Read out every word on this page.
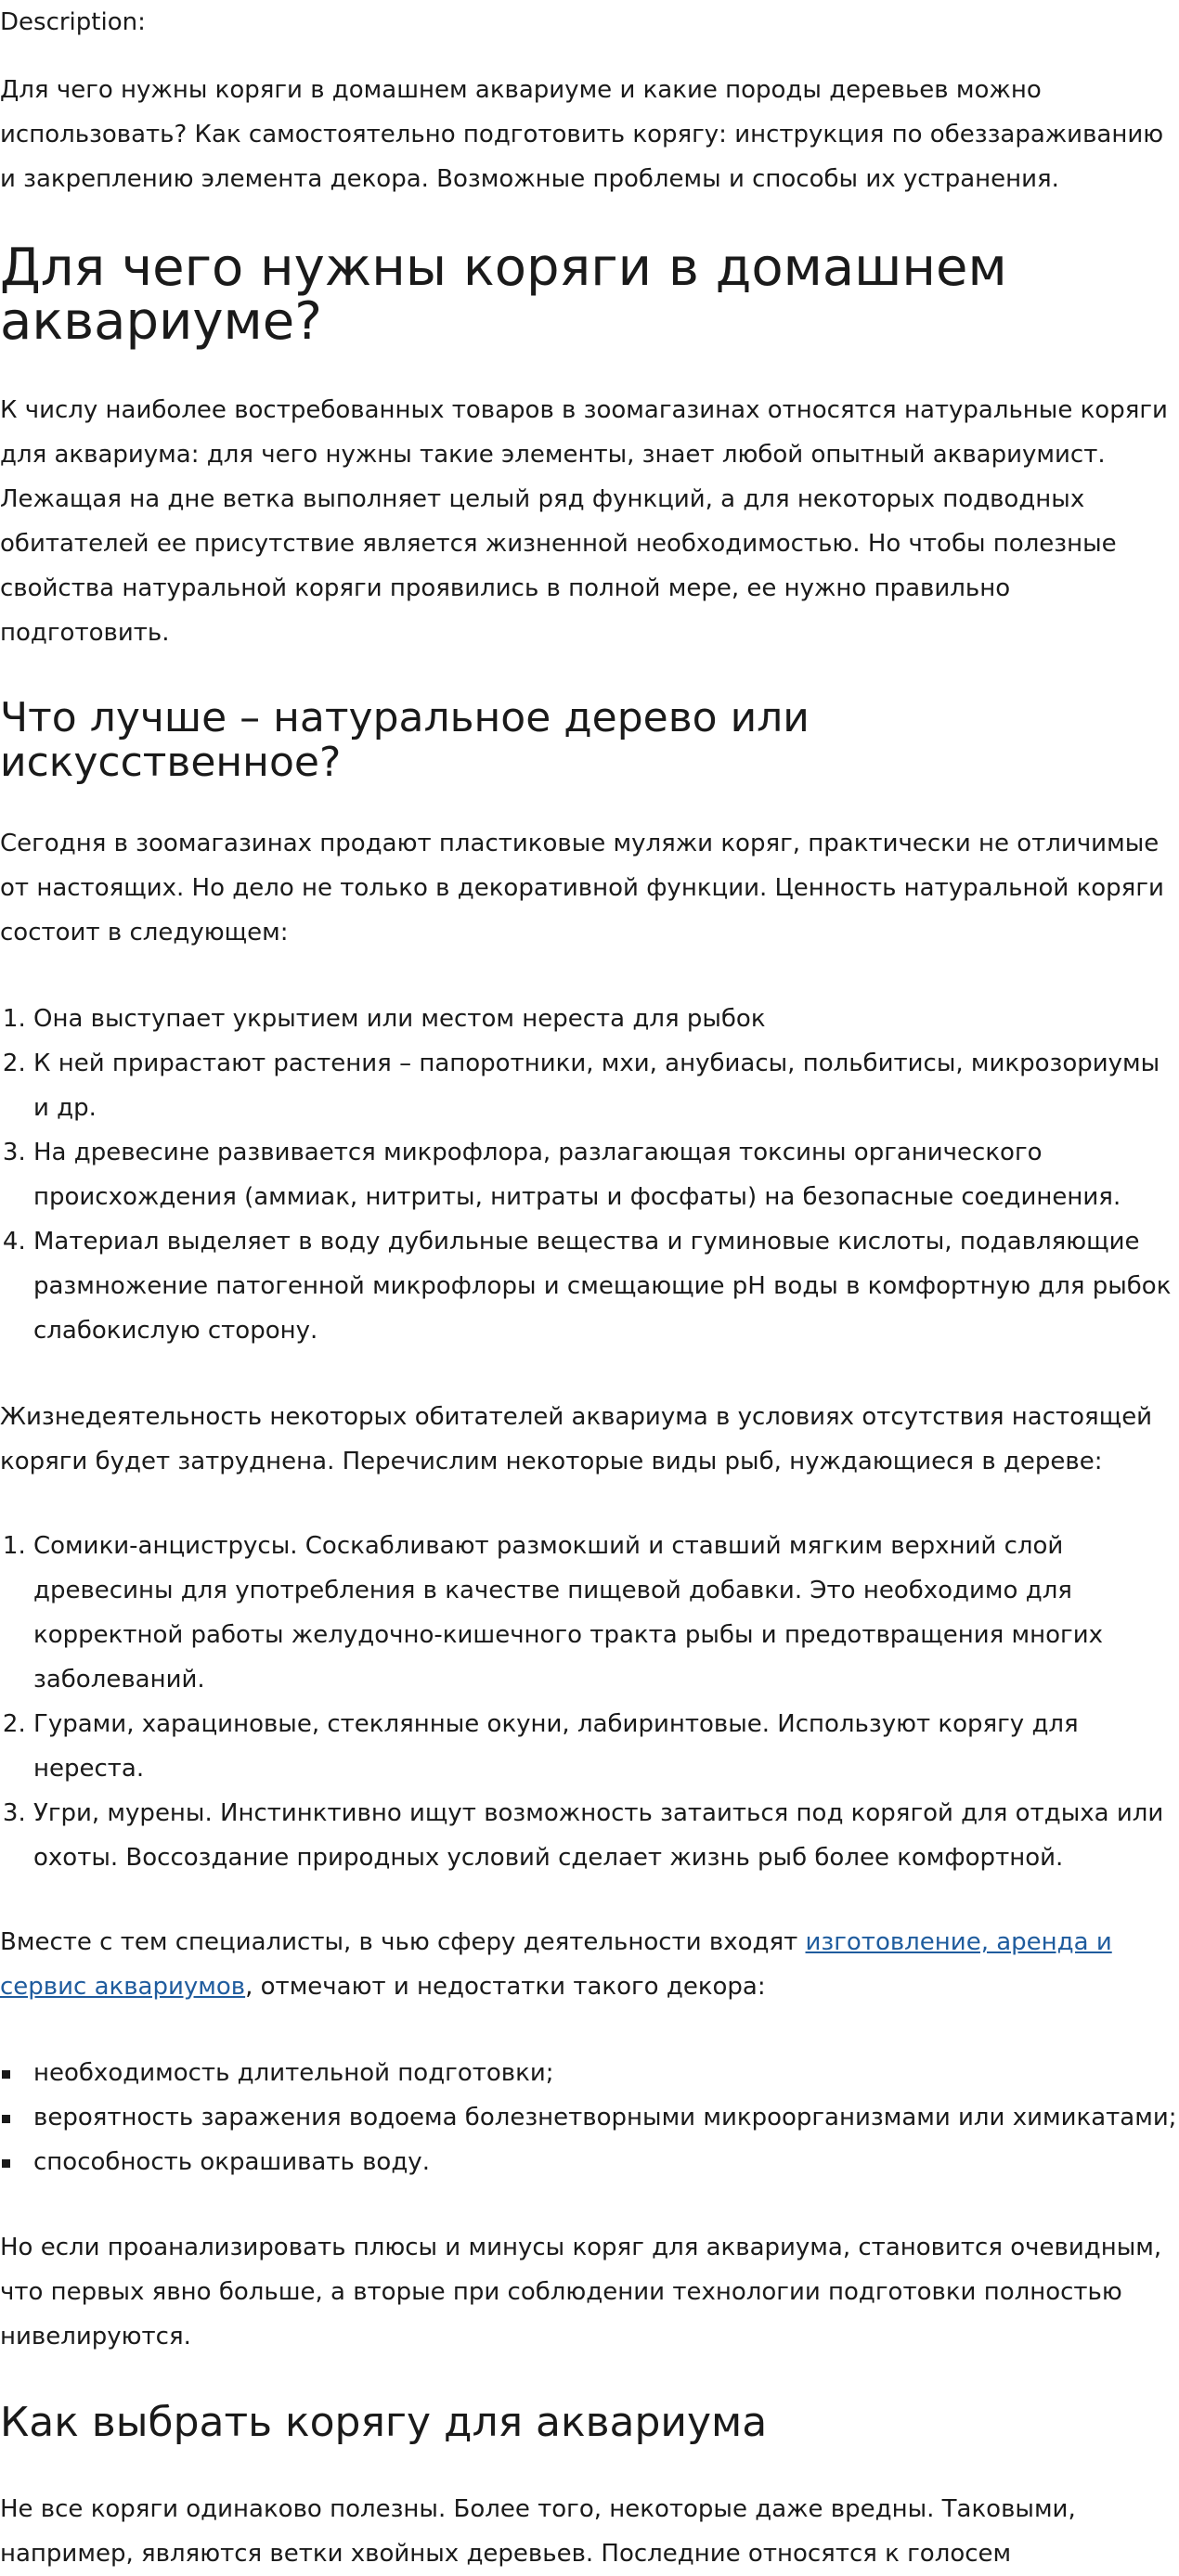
Description:

Для чего нужны коряги в домашнем аквариуме и какие породы деревьев можно использовать? Как самостоятельно подготовить корягу: инструкция по обеззараживанию и закреплению элемента декора. Возможные проблемы и способы их устранения.

Для чего нужны коряги в домашнем аквариуме?

К числу наиболее востребованных товаров в зоомагазинах относятся натуральные коряги для аквариума: для чего нужны такие элементы, знает любой опытный аквариумист. Лежащая на дне ветка выполняет целый ряд функций, а для некоторых подводных обитателей ее присутствие является жизненной необходимостью. Но чтобы полезные свойства натуральной коряги проявились в полной мере, ее нужно правильно подготовить.

Что лучше – натуральное дерево или искусственное?

Сегодня в зоомагазинах продают пластиковые муляжи коряг, практически не отличимые от настоящих. Но дело не только в декоративной функции. Ценность натуральной коряги состоит в следующем:

1. Она выступает укрытием или местом нереста для рыбок
2. К ней прирастают растения – папоротники, мхи, анубиасы, польбитисы, микрозориумы и др.
3. На древесине развивается микрофлора, разлагающая токсины органического происхождения (аммиак, нитриты, нитраты и фосфаты) на безопасные соединения.
4. Материал выделяет в воду дубильные вещества и гуминовые кислоты, подавляющие размножение патогенной микрофлоры и смещающие pH воды в комфортную для рыбок слабокислую сторону.

Жизнедеятельность некоторых обитателей аквариума в условиях отсутствия настоящей коряги будет затруднена. Перечислим некоторые виды рыб, нуждающиеся в дереве:

1. Сомики-анциструсы. Соскабливают размокший и ставший мягким верхний слой древесины для употребления в качестве пищевой добавки. Это необходимо для корректной работы желудочно-кишечного тракта рыбы и предотвращения многих заболеваний.
2. Гурами, харациновые, стеклянные окуни, лабиринтовые. Используют корягу для нереста.
3. Угри, мурены. Инстинктивно ищут возможность затаиться под корягой для отдыха или охоты. Воссоздание природных условий сделает жизнь рыб более комфортной.

Вместе с тем специалисты, в чью сферу деятельности входят изготовление, аренда и сервис аквариумов, отмечают и недостатки такого декора:

необходимость длительной подготовки;
вероятность заражения водоема болезнетворными микроорганизмами или химикатами;
способность окрашивать воду.

Но если проанализировать плюсы и минусы коряг для аквариума, становится очевидным, что первых явно больше, а вторые при соблюдении технологии подготовки полностью нивелируются.

Как выбрать корягу для аквариума

Не все коряги одинаково полезны. Более того, некоторые даже вредны. Таковыми, например, являются ветки хвойных деревьев. Последние относятся к голосем
